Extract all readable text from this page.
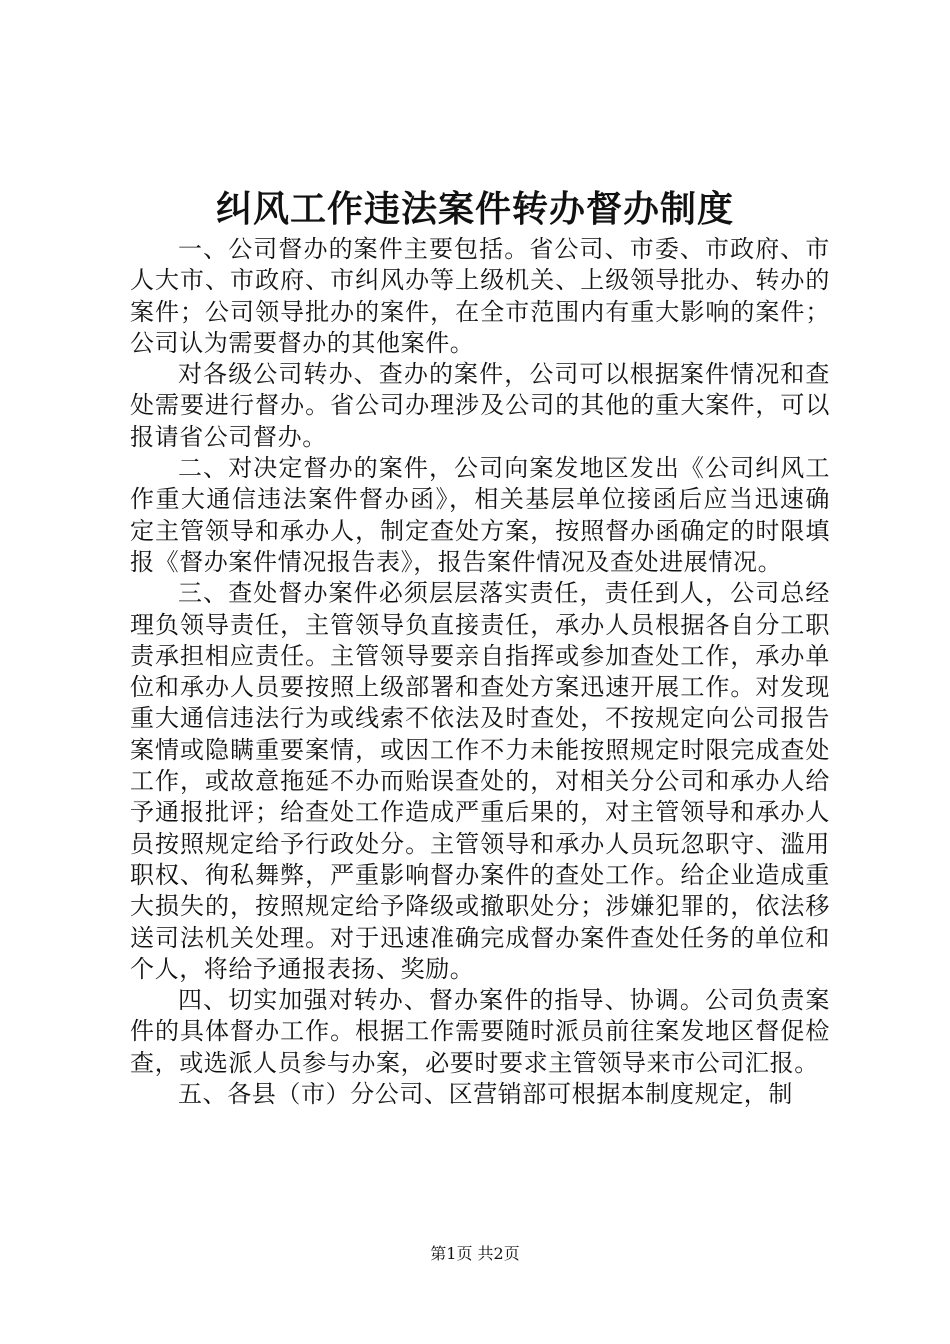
纠风工作违法案件转办督办制度

一、公司督办的案件主要包括。省公司、市委、市政府、市人大市、市政府、市纠风办等上级机关、上级领导批办、转办的案件；公司领导批办的案件，在全市范围内有重大影响的案件；公司认为需要督办的其他案件。

对各级公司转办、查办的案件，公司可以根据案件情况和查处需要进行督办。省公司办理涉及公司的其他的重大案件，可以报请省公司督办。

二、对决定督办的案件，公司向案发地区发出《公司纠风工作重大通信违法案件督办函》，相关基层单位接函后应当迅速确定主管领导和承办人，制定查处方案，按照督办函确定的时限填报《督办案件情况报告表》，报告案件情况及查处进展情况。

三、查处督办案件必须层层落实责任，责任到人，公司总经理负领导责任，主管领导负直接责任，承办人员根据各自分工职责承担相应责任。主管领导要亲自指挥或参加查处工作，承办单位和承办人员要按照上级部署和查处方案迅速开展工作。对发现重大通信违法行为或线索不依法及时查处，不按规定向公司报告案情或隐瞒重要案情，或因工作不力未能按照规定时限完成查处工作，或故意拖延不办而贻误查处的，对相关分公司和承办人给予通报批评；给查处工作造成严重后果的，对主管领导和承办人员按照规定给予行政处分。主管领导和承办人员玩忽职守、滥用职权、徇私舞弊，严重影响督办案件的查处工作。给企业造成重大损失的，按照规定给予降级或撤职处分；涉嫌犯罪的，依法移送司法机关处理。对于迅速准确完成督办案件查处任务的单位和个人，将给予通报表扬、奖励。

四、切实加强对转办、督办案件的指导、协调。公司负责案件的具体督办工作。根据工作需要随时派员前往案发地区督促检查，或选派人员参与办案，必要时要求主管领导来市公司汇报。

五、各县（市）分公司、区营销部可根据本制度规定，制

第1页 共2页
